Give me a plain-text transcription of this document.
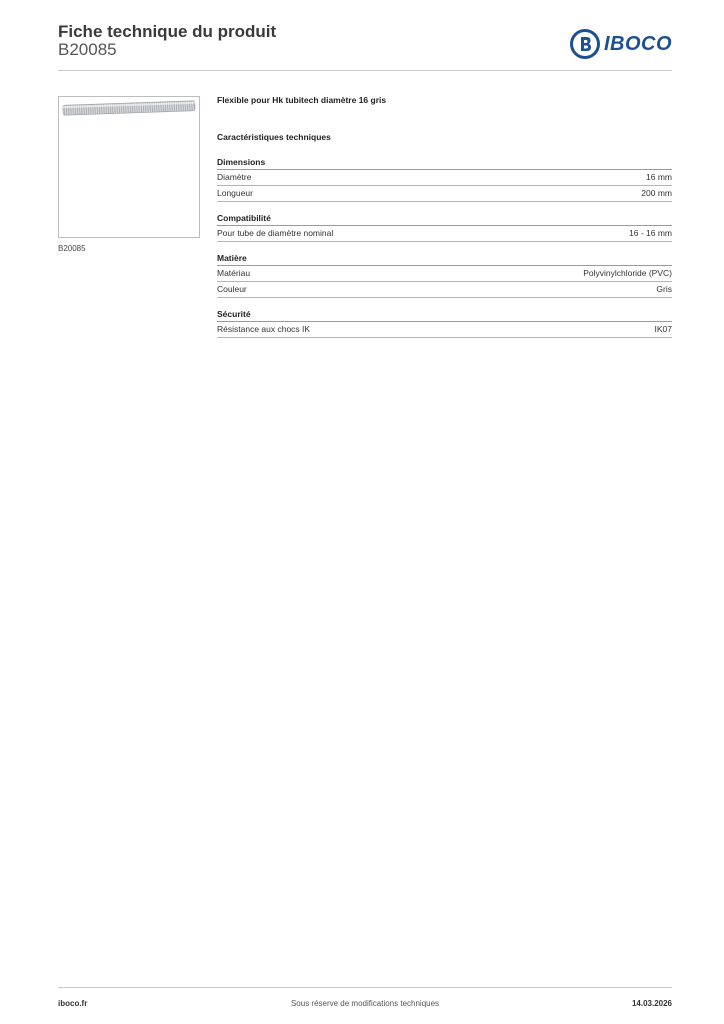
Fiche technique du produit
B20085	IBOCO
B20085
Flexible pour Hk tubitech diamètre 16 gris
Caractéristiques techniques
Dimensions
Diamètre	16 mm
Longueur	200 mm
Compatibilité
Pour tube de diamètre nominal	16 - 16 mm
Matière
Matériau	Polyvinylchloride (PVC)
Couleur	Gris
Sécurité
Résistance aux chocs IK	IK07
iboco.fr	Sous réserve de modifications techniques	14.03.2026
